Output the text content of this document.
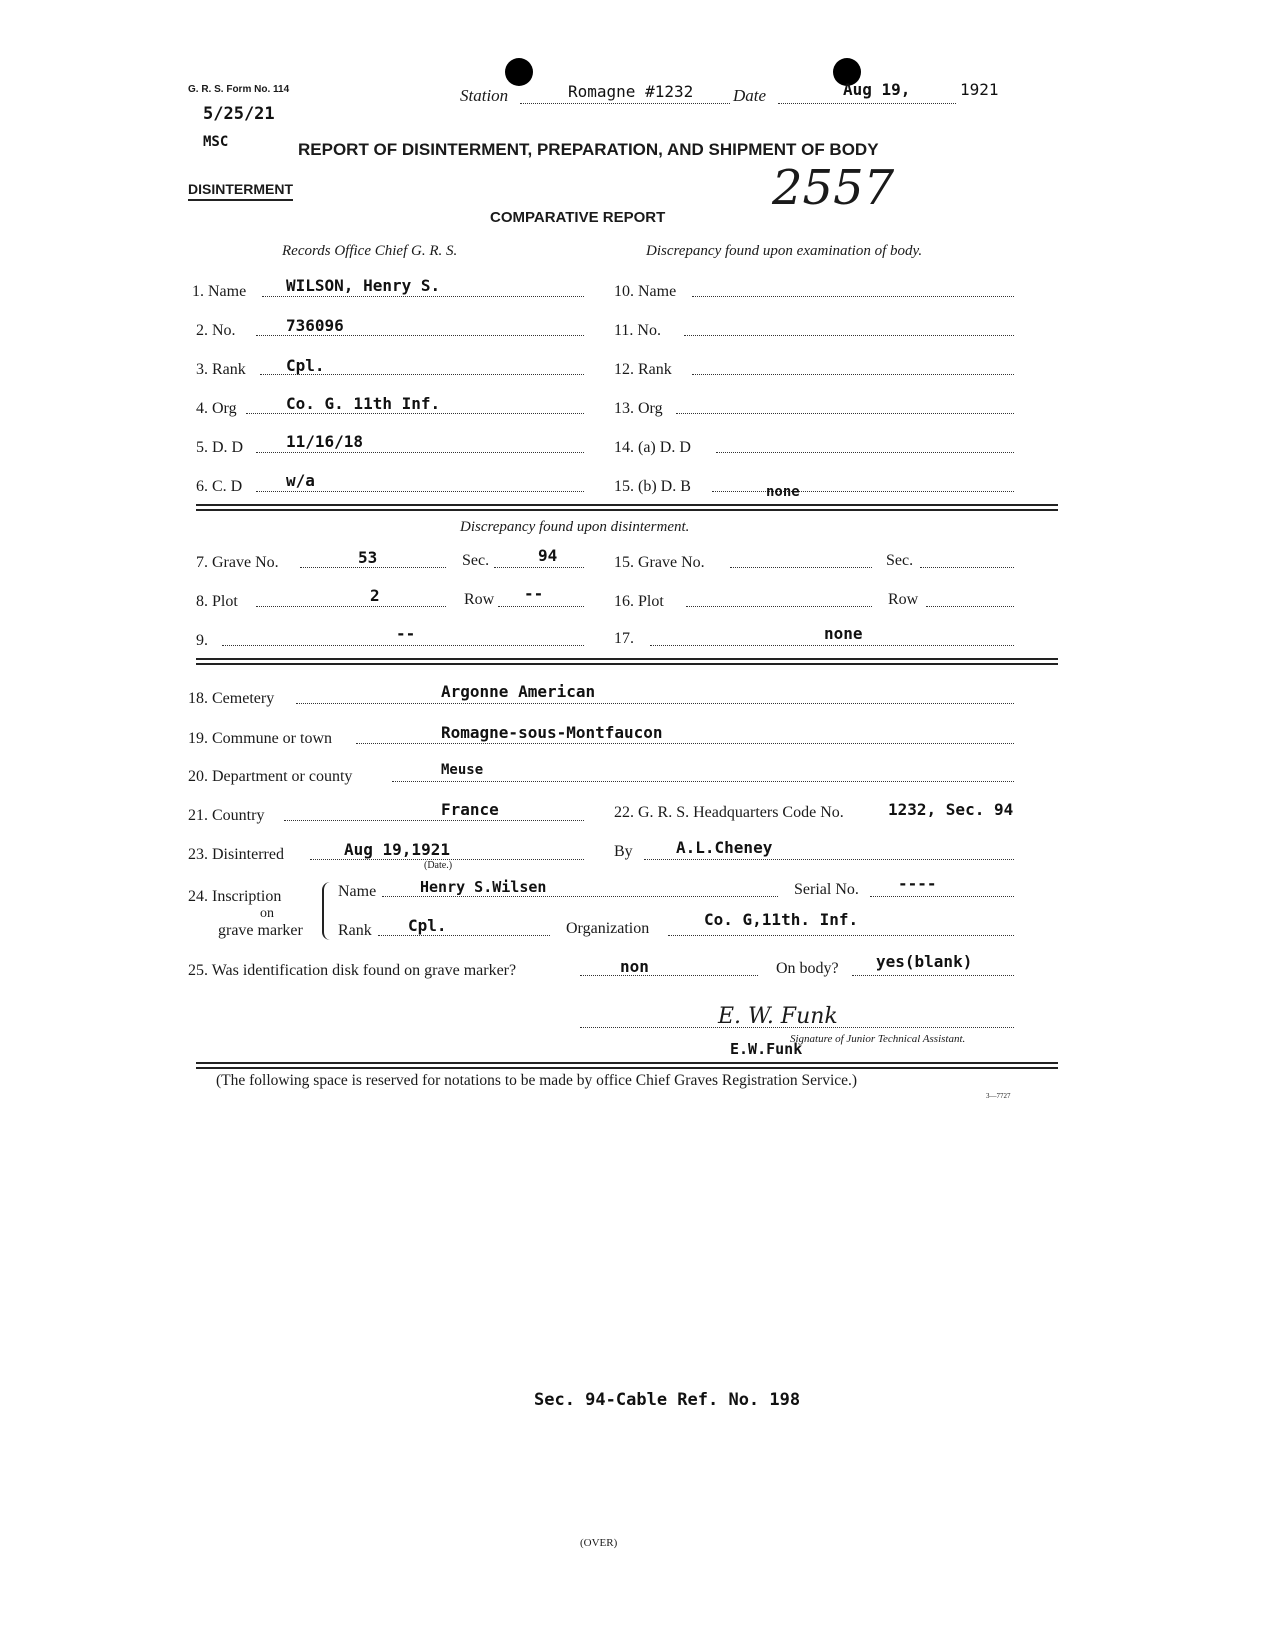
G. R. S. Form No. 114
5/25/21
MSC
Station	Romagne #1232 Date	Aug 19,	1921
REPORT OF DISINTERMENT, PREPARATION, AND SHIPMENT OF BODY
DISINTERMENT	2557
COMPARATIVE REPORT
Records Office Chief G. R. S.	Discrepancy found upon examination of body.
1. Name WILSON, Henry S.	10. Name
2. No.	736096	11. No.
3. Rank	Cpl.	12. Rank
4. Org	Co. G. 11th Inf.	13. Org
5. D. D	11/16/18	14. (a) D. D
6. C. D	w/a	15. (b) D. B	none
Discrepancy found upon disinterment.
7. Grave No.	53	Sec.	94	15. Grave No.	Sec.
8. Plot	2	Row --	16. Plot	Row
9.	--	17.	none
18. Cemetery	Argonne American
19. Commune or town	Romagne-sous-Montfaucon
20. Department or county	Meuse
21. Country	France	22. G. R. S. Headquarters Code No.	1232, Sec. 94
23. Disinterred	Aug 19,1921
(Date.)
By	A.L.Cheney
24. Inscription
on
grave marker
Name	Henry S.Wilsen	Serial No. ----
Rank Cpl.	Organization	Co. G,11th. Inf.
25. Was identification disk found on grave marker?	non	On body? yes(blank)
E. W. Funk
Signature of Junior Technical Assistant.
E.W.Funk
(The following space is reserved for notations to be made by office Chief Graves Registration Service.)
3—7727
Sec. 94-Cable Ref. No. 198
(OVER)
